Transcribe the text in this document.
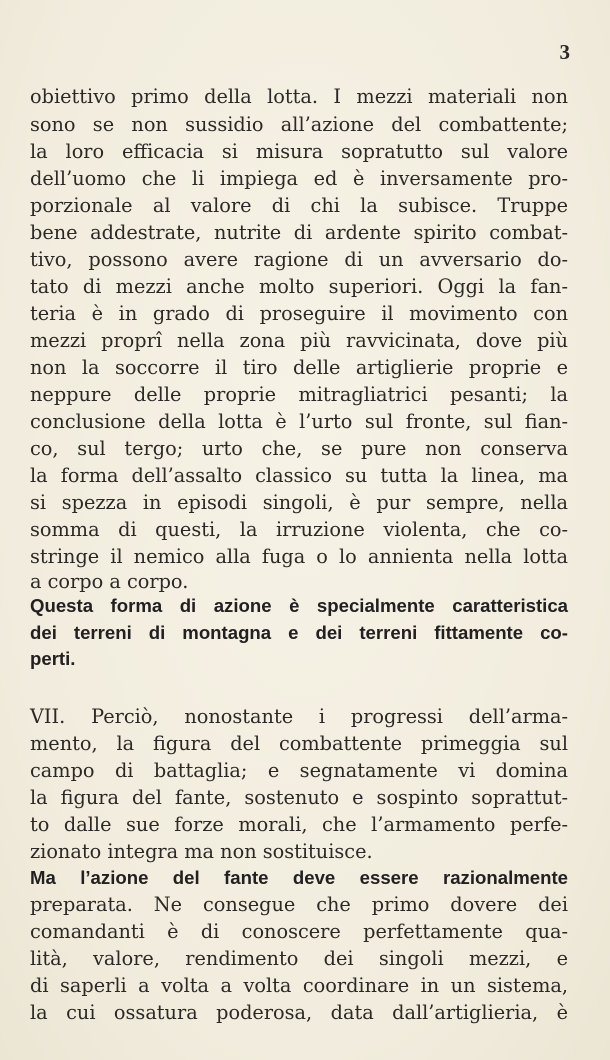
3
obiettivo primo della lotta. I mezzi materiali non
sono se non sussidio all’azione del combattente;
la loro efficacia si misura sopratutto sul valore
dell’uomo che li impiega ed è inversamente pro-
porzionale al valore di chi la subisce. Truppe
bene addestrate, nutrite di ardente spirito combat-
tivo, possono avere ragione di un avversario do-
tato di mezzi anche molto superiori. Oggi la fan-
teria è in grado di proseguire il movimento con
mezzi proprî nella zona più ravvicinata, dove più
non la soccorre il tiro delle artiglierie proprie e
neppure delle proprie mitragliatrici pesanti; la
conclusione della lotta è l’urto sul fronte, sul fian-
co, sul tergo; urto che, se pure non conserva
la forma dell’assalto classico su tutta la linea, ma
si spezza in episodi singoli, è pur sempre, nella
somma di questi, la irruzione violenta, che co-
stringe il nemico alla fuga o lo annienta nella lotta
a corpo a corpo.
Questa forma di azione è specialmente caratteristica
dei terreni di montagna e dei terreni fittamente co-
perti.
VII. Perciò, nonostante i progressi dell’arma-
mento, la figura del combattente primeggia sul
campo di battaglia; e segnatamente vi domina
la figura del fante, sostenuto e sospinto soprattut-
to dalle sue forze morali, che l’armamento perfe-
zionato integra ma non sostituisce.
Ma l’azione del fante deve essere razionalmente
preparata. Ne consegue che primo dovere dei
comandanti è di conoscere perfettamente qua-
lità, valore, rendimento dei singoli mezzi, e
di saperli a volta a volta coordinare in un sistema,
la cui ossatura poderosa, data dall’artiglieria, è
